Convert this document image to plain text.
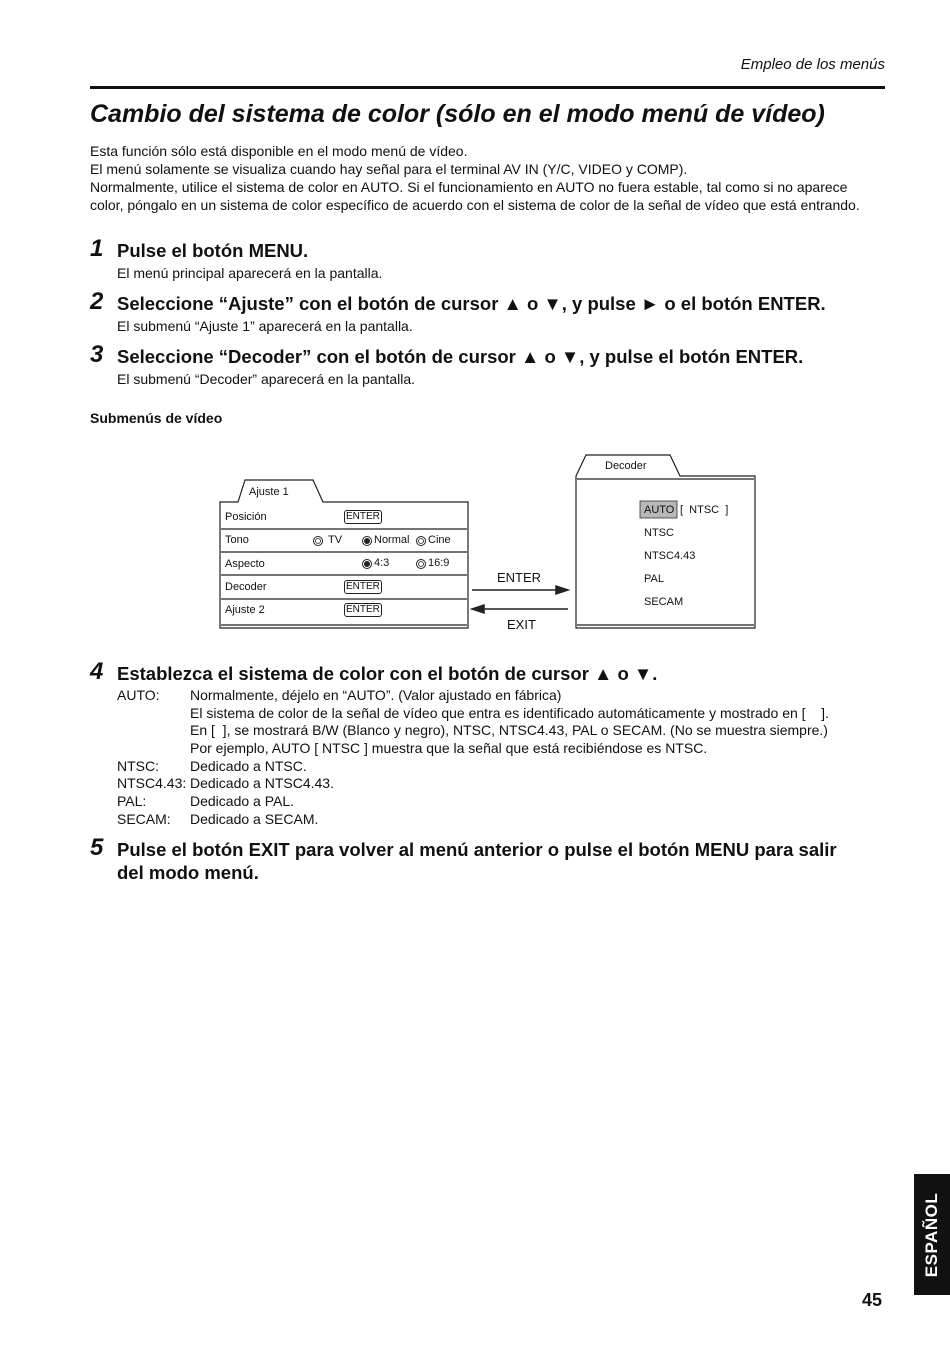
Empleo de los menús
Cambio del sistema de color (sólo en el modo menú de vídeo)
Esta función sólo está disponible en el modo menú de vídeo.
El menú solamente se visualiza cuando hay señal para el terminal AV IN (Y/C, VIDEO y COMP).
Normalmente, utilice el sistema de color en AUTO. Si el funcionamiento en AUTO no fuera estable, tal como si no aparece
color, póngalo en un sistema de color específico de acuerdo con el sistema de color de la señal de vídeo que está entrando.
1 Pulse el botón MENU.
El menú principal aparecerá en la pantalla.
2 Seleccione “Ajuste” con el botón de cursor ▲ o ▼, y pulse ► o el botón ENTER.
El submenú “Ajuste 1” aparecerá en la pantalla.
3 Seleccione “Decoder” con el botón de cursor ▲ o ▼, y pulse el botón ENTER.
El submenú “Decoder” aparecerá en la pantalla.
Submenús de vídeo
Ajuste 1
Posición	ENTER
Tono	TV	Normal Cine
Aspecto	4:3	16:9
Decoder	ENTER
Ajuste 2	ENTER
ENTER
EXIT
Decoder
AUTO [  NTSC  ]
NTSC
NTSC4.43
PAL
SECAM
4 Establezca el sistema de color con el botón de cursor ▲ o ▼.
AUTO: Normalmente, déjelo en “AUTO”. (Valor ajustado en fábrica)
El sistema de color de la señal de vídeo que entra es identificado automáticamente y mostrado en [    ].
En [  ], se mostrará B/W (Blanco y negro), NTSC, NTSC4.43, PAL o SECAM. (No se muestra siempre.)
Por ejemplo, AUTO [ NTSC ] muestra que la señal que está recibiéndose es NTSC.
NTSC: Dedicado a NTSC.
NTSC4.43: Dedicado a NTSC4.43.
PAL:	Dedicado a PAL.
SECAM: Dedicado a SECAM.
5 Pulse el botón EXIT para volver al menú anterior o pulse el botón MENU para salir
del modo menú.
ESPAÑOL
45
